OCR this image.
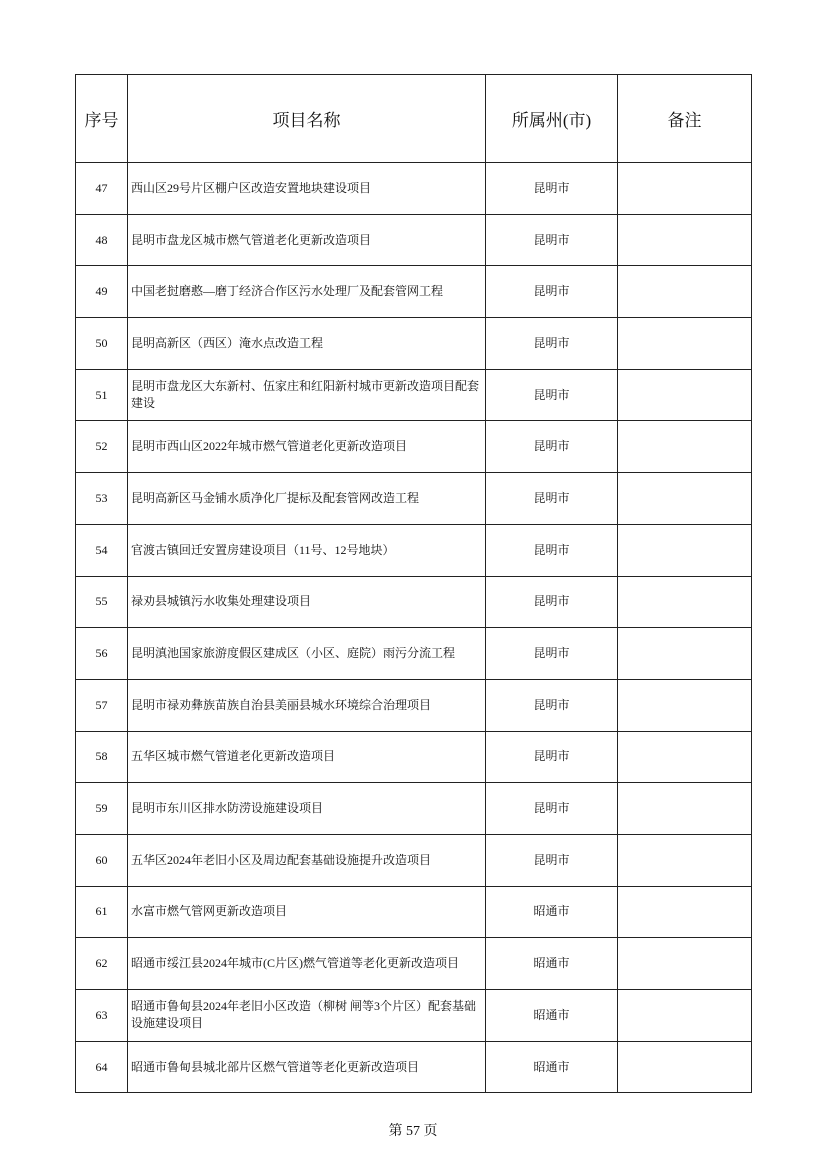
序号	项目名称	所属州(市)	备注
47	西山区29号片区棚户区改造安置地块建设项目	昆明市	
48	昆明市盘龙区城市燃气管道老化更新改造项目	昆明市	
49	中国老挝磨憨—磨丁经济合作区污水处理厂及配套管网工程	昆明市	
50	昆明高新区（西区）淹水点改造工程	昆明市	
51	昆明市盘龙区大东新村、伍家庄和红阳新村城市更新改造项目配套建设	昆明市	
52	昆明市西山区2022年城市燃气管道老化更新改造项目	昆明市	
53	昆明高新区马金铺水质净化厂提标及配套管网改造工程	昆明市	
54	官渡古镇回迁安置房建设项目（11号、12号地块）	昆明市	
55	禄劝县城镇污水收集处理建设项目	昆明市	
56	昆明滇池国家旅游度假区建成区（小区、庭院）雨污分流工程	昆明市	
57	昆明市禄劝彝族苗族自治县美丽县城水环境综合治理项目	昆明市	
58	五华区城市燃气管道老化更新改造项目	昆明市	
59	昆明市东川区排水防涝设施建设项目	昆明市	
60	五华区2024年老旧小区及周边配套基础设施提升改造项目	昆明市	
61	水富市燃气管网更新改造项目	昭通市	
62	昭通市绥江县2024年城市(C片区)燃气管道等老化更新改造项目	昭通市	
63	昭通市鲁甸县2024年老旧小区改造（柳树 闸等3个片区）配套基础设施建设项目	昭通市	
64	昭通市鲁甸县城北部片区燃气管道等老化更新改造项目	昭通市	
第 57 页
